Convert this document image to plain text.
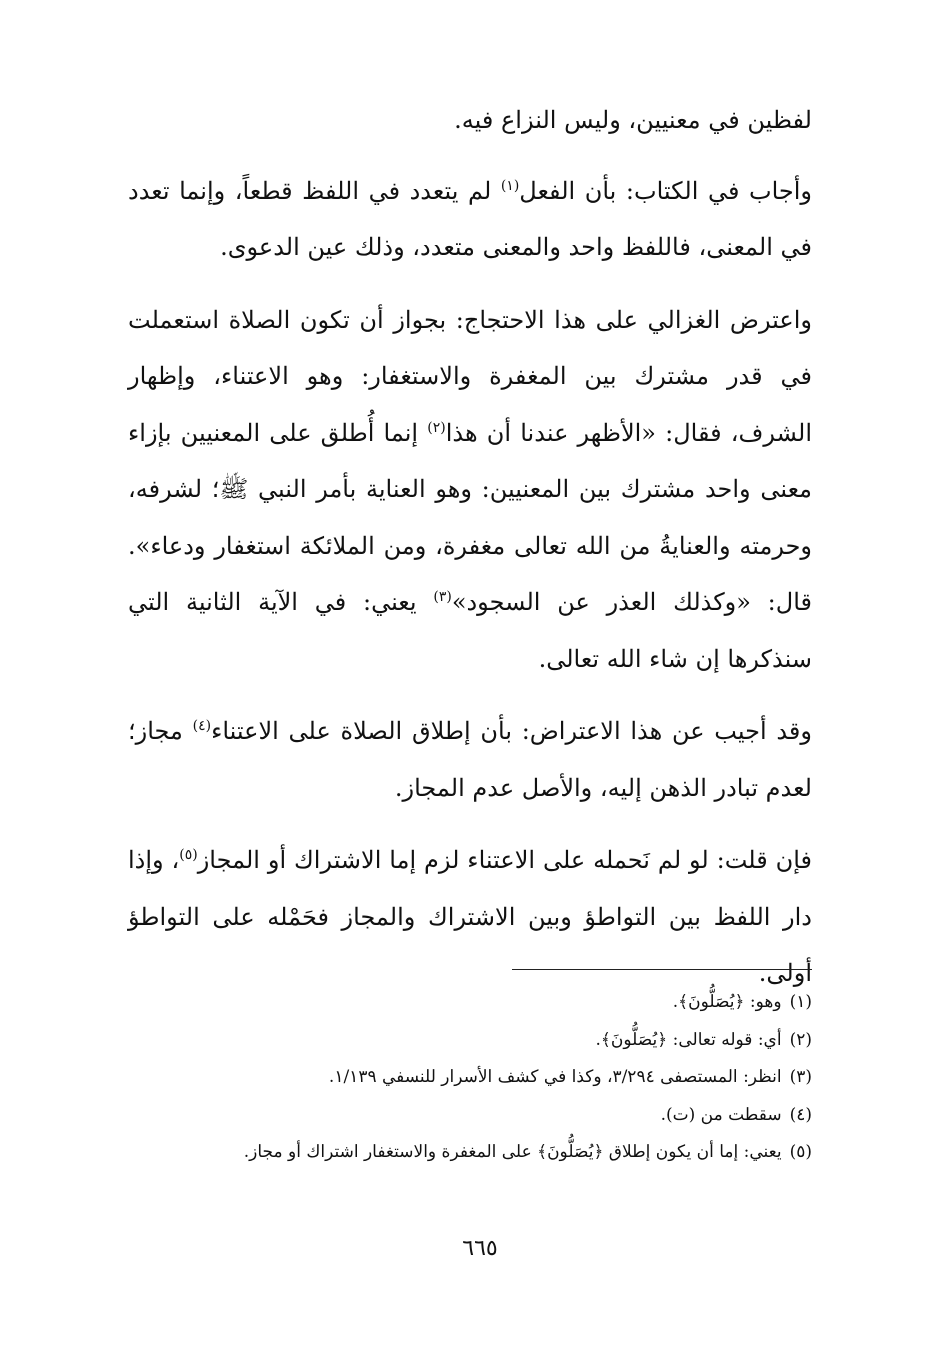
لفظين في معنيين، وليس النزاع فيه.

وأجاب في الكتاب: بأن الفعل$^{(١)}$ لم يتعدد في اللفظ قطعاً، وإنما تعدد في المعنى، فاللفظ واحد والمعنى متعدد، وذلك عين الدعوى.

واعترض الغزالي على هذا الاحتجاج: بجواز أن تكون الصلاة استعملت في قدر مشترك بين المغفرة والاستغفار: وهو الاعتناء، وإظهار الشرف، فقال: «الأظهر عندنا أن هذا$^{(٢)}$ إنما أُطلق على المعنيين بإزاء معنى واحد مشترك بين المعنيين: وهو العناية بأمر النبي ﷺ؛ لشرفه، وحرمته والعنايةُ من الله تعالى مغفرة، ومن الملائكة استغفار ودعاء». قال: «وكذلك العذر عن السجود»$^{(٣)}$ يعني: في الآية الثانية التي سنذكرها إن شاء الله تعالى.

وقد أجيب عن هذا الاعتراض: بأن إطلاق الصلاة على الاعتناء$^{(٤)}$ مجاز؛ لعدم تبادر الذهن إليه، والأصل عدم المجاز.

فإن قلت: لو لم نَحمله على الاعتناء لزم إما الاشتراك أو المجاز$^{(٥)}$، وإذا دار اللفظ بين التواطؤ وبين الاشتراك والمجاز فحَمْله على التواطؤ أولى.

(١)وهو: ﴿يُصَلُّونَ﴾.

(٢)أي: قوله تعالى: ﴿يُصَلُّونَ﴾.

(٣)انظر: المستصفى ٣/٢٩٤، وكذا في كشف الأسرار للنسفي ١/١٣٩.

(٤)سقطت من (ت).

(٥)يعني: إما أن يكون إطلاق ﴿يُصَلُّونَ﴾ على المغفرة والاستغفار اشتراك أو مجاز.

٦٦٥
